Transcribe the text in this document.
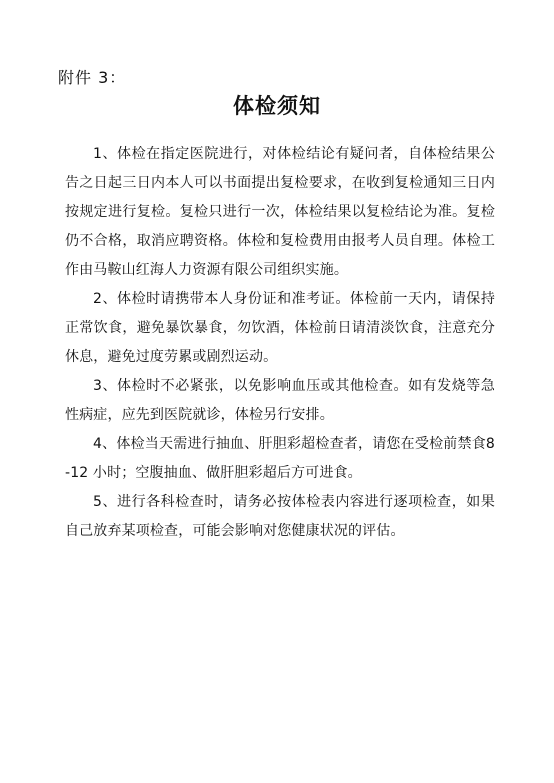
附件 3：
体检须知

1、体检在指定医院进行，对体检结论有疑问者，自体检结果公告之日起三日内本人可以书面提出复检要求，在收到复检通知三日内按规定进行复检。复检只进行一次，体检结果以复检结论为准。复检仍不合格，取消应聘资格。体检和复检费用由报考人员自理。体检工作由马鞍山红海人力资源有限公司组织实施。

2、体检时请携带本人身份证和准考证。体检前一天内，请保持正常饮食，避免暴饮暴食，勿饮酒，体检前日请清淡饮食，注意充分休息，避免过度劳累或剧烈运动。

3、体检时不必紧张，以免影响血压或其他检查。如有发烧等急性病症，应先到医院就诊，体检另行安排。

4、体检当天需进行抽血、肝胆彩超检查者，请您在受检前禁食8-12 小时；空腹抽血、做肝胆彩超后方可进食。

5、进行各科检查时，请务必按体检表内容进行逐项检查，如果自己放弃某项检查，可能会影响对您健康状况的评估。
